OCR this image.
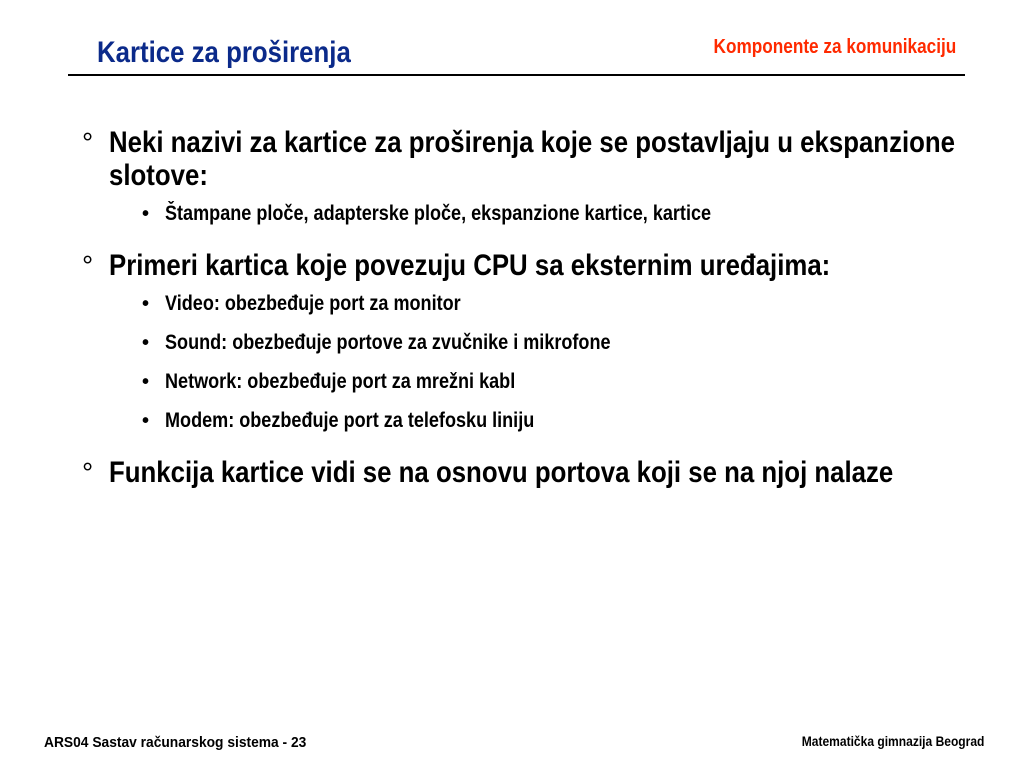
Kartice za proširenja	Komponente za komunikaciju
° Neki nazivi za kartice za proširenja koje se postavljaju u ekspanzione slotove:
• Štampane ploče, adapterske ploče, ekspanzione kartice, kartice
° Primeri kartica koje povezuju CPU sa eksternim uređajima:
• Video: obezbeđuje port za monitor
• Sound: obezbeđuje portove za zvučnike i mikrofone
• Network: obezbeđuje port za mrežni kabl
• Modem: obezbeđuje port za telefosku liniju
° Funkcija kartice vidi se na osnovu portova koji se na njoj nalaze
ARS04 Sastav računarskog sistema - 23	Matematička gimnazija Beograd
